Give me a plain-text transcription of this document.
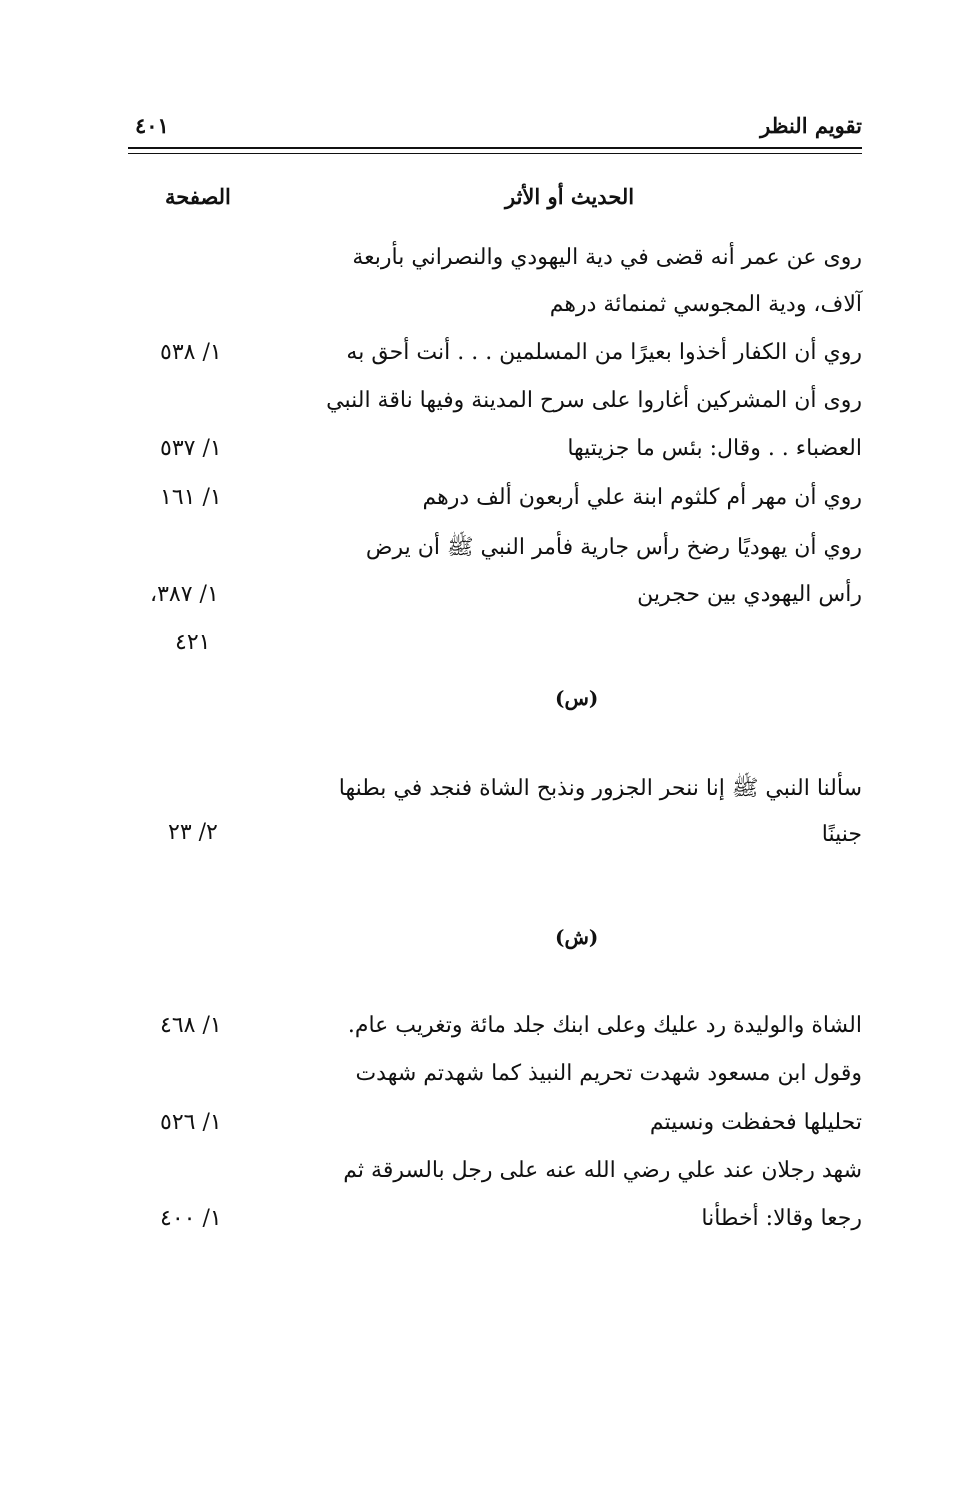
تقويم النظر
٤٠١
الحديث أو الأثر
الصفحة
روى عن عمر أنه قضى في دية اليهودي والنصراني بأربعة
آلاف، ودية المجوسي ثمنمائة درهم
روي أن الكفار أخذوا بعيرًا من المسلمين . . . أنت أحق به
١/ ٥٣٨
روى أن المشركين أغاروا على سرح المدينة وفيها ناقة النبي
العضباء . . وقال: بئس ما جزيتيها
١/ ٥٣٧
روي أن مهر أم كلثوم ابنة علي أربعون ألف درهم
١/ ١٦١
روي أن يهوديًا رضخ رأس جارية فأمر النبي ﷺ أن يرض
رأس اليهودي بين حجرين
١/ ٣٨٧،
٤٢١
(س)
سألنا النبي ﷺ إنا ننحر الجزور ونذبح الشاة فنجد في بطنها
جنينًا
٢/ ٢٣
(ش)
الشاة والوليدة رد عليك وعلى ابنك جلد مائة وتغريب عام.
١/ ٤٦٨
وقول ابن مسعود شهدت تحريم النبيذ كما شهدتم شهدت
تحليلها فحفظت ونسيتم
١/ ٥٢٦
شهد رجلان عند علي رضي الله عنه على رجل بالسرقة ثم
رجعا وقالا: أخطأنا
١/ ٤٠٠
